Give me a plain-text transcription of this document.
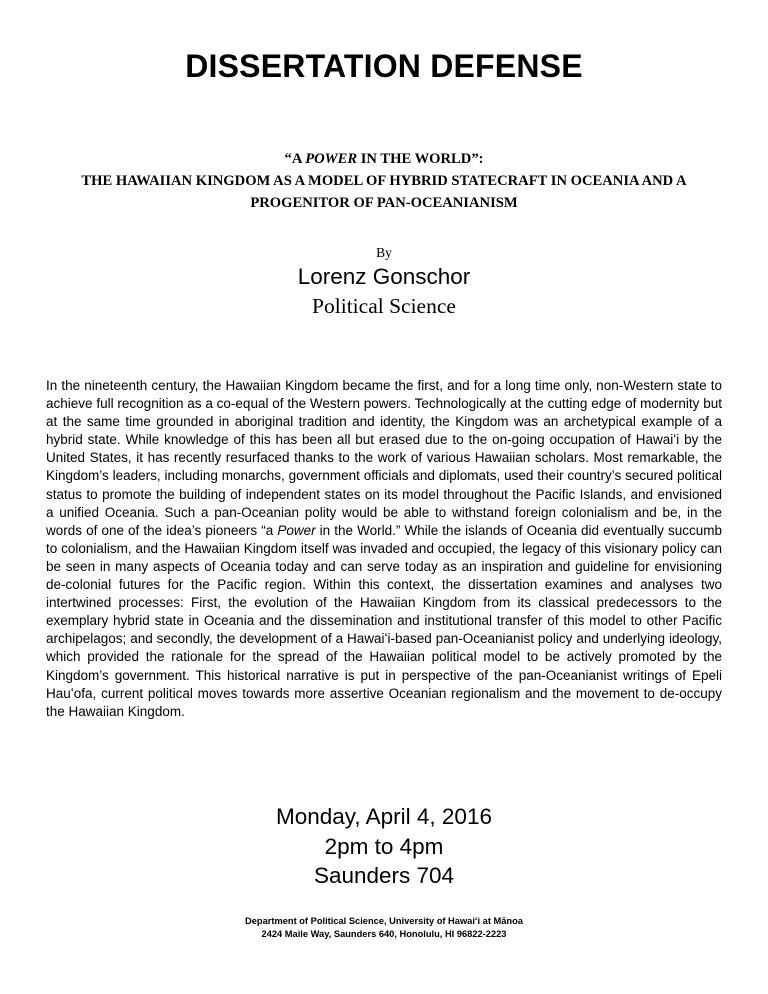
DISSERTATION DEFENSE
“A POWER IN THE WORLD”:
THE HAWAIIAN KINGDOM AS A MODEL OF HYBRID STATECRAFT IN OCEANIA AND A
PROGENITOR OF PAN-OCEANIANISM
By
Lorenz Gonschor
Political Science

In the nineteenth century, the Hawaiian Kingdom became the first, and for a long time only, non-Western state to achieve full recognition as a co-equal of the Western powers. Technologically at the cutting edge of modernity but at the same time grounded in aboriginal tradition and identity, the Kingdom was an archetypical example of a hybrid state. While knowledge of this has been all but erased due to the on-going occupation of Hawaiʻi by the United States, it has recently resurfaced thanks to the work of various Hawaiian scholars. Most remarkable, the Kingdom’s leaders, including monarchs, government officials and diplomats, used their country’s secured political status to promote the building of independent states on its model throughout the Pacific Islands, and envisioned a unified Oceania. Such a pan-Oceanian polity would be able to withstand foreign colonialism and be, in the words of one of the idea’s pioneers “a Power in the World.” While the islands of Oceania did eventually succumb to colonialism, and the Hawaiian Kingdom itself was invaded and occupied, the legacy of this visionary policy can be seen in many aspects of Oceania today and can serve today as an inspiration and guideline for envisioning de-colonial futures for the Pacific region. Within this context, the dissertation examines and analyses two intertwined processes: First, the evolution of the Hawaiian Kingdom from its classical predecessors to the exemplary hybrid state in Oceania and the dissemination and institutional transfer of this model to other Pacific archipelagos; and secondly, the development of a Hawaiʻi-based pan-Oceanianist policy and underlying ideology, which provided the rationale for the spread of the Hawaiian political model to be actively promoted by the Kingdom’s government. This historical narrative is put in perspective of the pan-Oceanianist writings of Epeli Hauʻofa, current political moves towards more assertive Oceanian regionalism and the movement to de-occupy the Hawaiian Kingdom.

Monday, April 4, 2016
2pm to 4pm
Saunders 704
Department of Political Science, University of Hawaiʻi at Mānoa
2424 Maile Way, Saunders 640, Honolulu, HI 96822-2223
